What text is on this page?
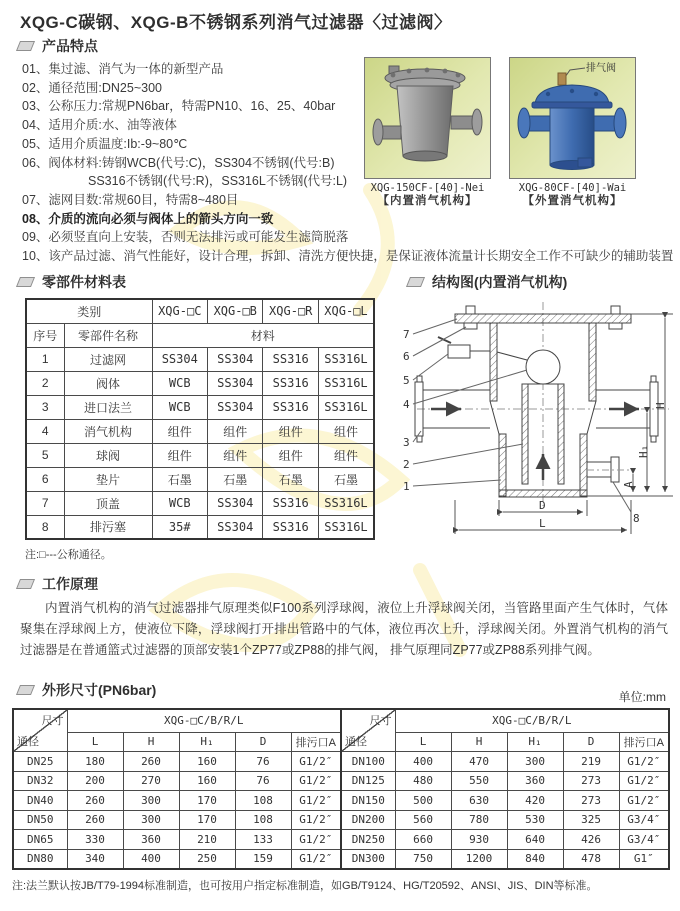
XQG-C碳钢、XQG-B不锈钢系列消气过滤器〈过滤阀〉
产品特点
01、集过滤、消气为一体的新型产品
02、通径范围:DN25~300
03、公称压力:常规PN6bar，特需PN10、16、25、40bar
04、适用介质:水、油等液体
05、适用介质温度:Ib:-9~80℃
06、阀体材料:铸钢WCB(代号:C)，SS304不锈钢(代号:B)
SS316不锈钢(代号:R)，SS316L不锈钢(代号:L)
07、滤网目数:常规60目，特需8~480目
08、介质的流向必须与阀体上的箭头方向一致
09、必须竖直向上安装，否则无法排污或可能发生滤筒脱落
10、该产品过滤、消气性能好，设计合理，拆卸、清洗方便快捷，是保证液体流量计长期安全工作不可缺少的辅助装置
XQG-150CF-[40]-Nei
【内置消气机构】
排气阀
XQG-80CF-[40]-Wai
【外置消气机构】
零部件材料表
类别		XQG-□C	XQG-□B	XQG-□R	XQG-□L
序号	零部件名称	材料			
1	过滤网	SS304	SS304	SS316	SS316L
2	阀体	WCB	SS304	SS316	SS316L
3	进口法兰	WCB	SS304	SS316	SS316L
4	消气机构	组件	组件	组件	组件
5	球阀	组件	组件	组件	组件
6	垫片	石墨	石墨	石墨	石墨
7	顶盖	WCB	SS304	SS316	SS316L
8	排污塞	35#	SS304	SS316	SS316L
注:□---公称通径。
结构图(内置消气机构)
7
6
5
4
3
2
1
8
H
H₁
A
D
L
工作原理

内置消气机构的消气过滤器排气原理类似F100系列浮球阀，液位上升浮球阀关闭，当管路里面产生气体时，气体聚集在浮球阀上方，使液位下降，浮球阀打开排出管路中的气体，液位再次上升，浮球阀关闭。外置消气机构的消气过滤器是在普通篮式过滤器的顶部安装1个ZP77或ZP88的排气阀， 排气原理同ZP77或ZP88系列排气阀。

外形尺寸(PN6bar)	单位:mm
尺寸
通径	XQG-□C/B/R/L					尺寸
通径	XQG-□C/B/R/L				
	L	H	H₁	D	排污口A		L	H	H₁	D	排污口A
DN25	180	260	160	76	G1/2″	DN100	400	470	300	219	G1/2″
DN32	200	270	160	76	G1/2″	DN125	480	550	360	273	G1/2″
DN40	260	300	170	108	G1/2″	DN150	500	630	420	273	G1/2″
DN50	260	300	170	108	G1/2″	DN200	560	780	530	325	G3/4″
DN65	330	360	210	133	G1/2″	DN250	660	930	640	426	G3/4″
DN80	340	400	250	159	G1/2″	DN300	750	1200	840	478	G1″
注:法兰默认按JB/T79-1994标准制造，也可按用户指定标准制造，如GB/T9124、HG/T20592、ANSI、JIS、DIN等标准。
